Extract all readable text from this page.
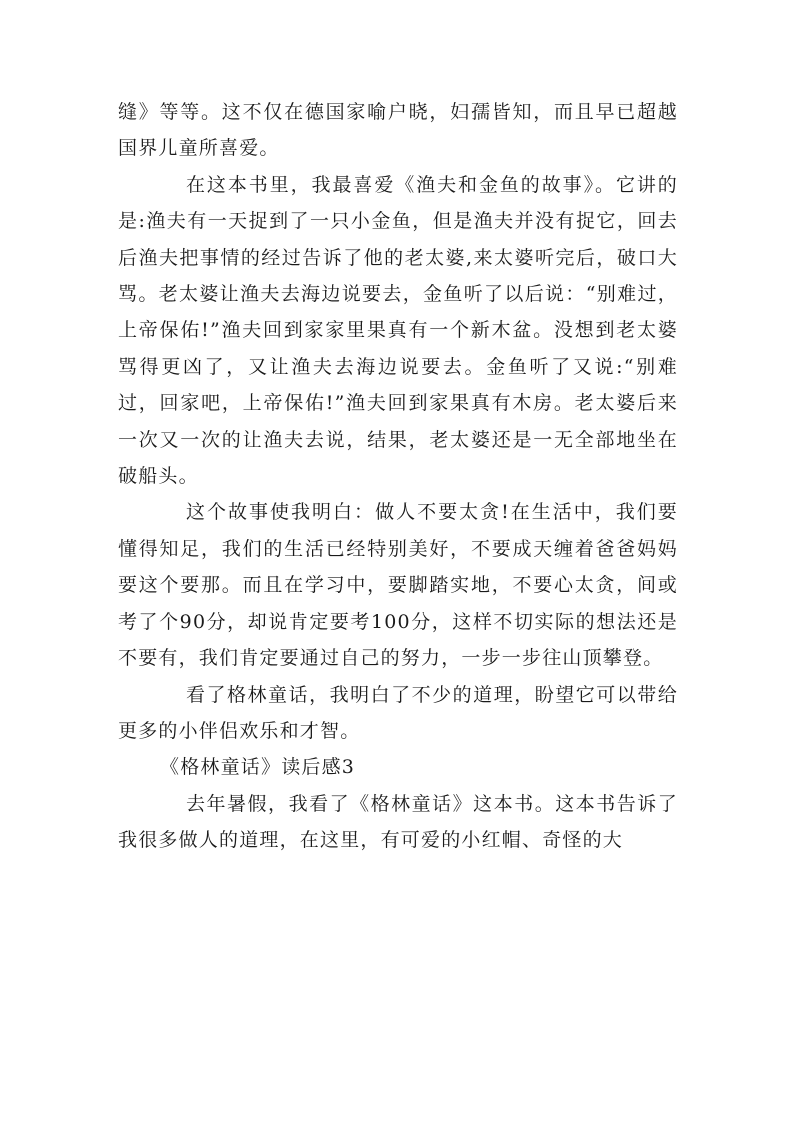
缝》等等。这不仅在德国家喻户晓，妇孺皆知，而且早已超越国界儿童所喜爱。

在这本书里，我最喜爱《渔夫和金鱼的故事》。它讲的是:渔夫有一天捉到了一只小金鱼，但是渔夫并没有捉它，回去后渔夫把事情的经过告诉了他的老太婆,来太婆听完后，破口大骂。老太婆让渔夫去海边说要去，金鱼听了以后说：“别难过，上帝保佑!”渔夫回到家家里果真有一个新木盆。没想到老太婆骂得更凶了，又让渔夫去海边说要去。金鱼听了又说:“别难过，回家吧，上帝保佑!”渔夫回到家果真有木房。老太婆后来一次又一次的让渔夫去说，结果，老太婆还是一无全部地坐在破船头。

这个故事使我明白：做人不要太贪!在生活中，我们要懂得知足，我们的生活已经特别美好，不要成天缠着爸爸妈妈要这个要那。而且在学习中，要脚踏实地，不要心太贪，间或考了个90分，却说肯定要考100分，这样不切实际的想法还是不要有，我们肯定要通过自己的努力，一步一步往山顶攀登。

看了格林童话，我明白了不少的道理，盼望它可以带给更多的小伴侣欢乐和才智。

《格林童话》读后感3

去年暑假，我看了《格林童话》这本书。这本书告诉了我很多做人的道理，在这里，有可爱的小红帽、奇怪的大
